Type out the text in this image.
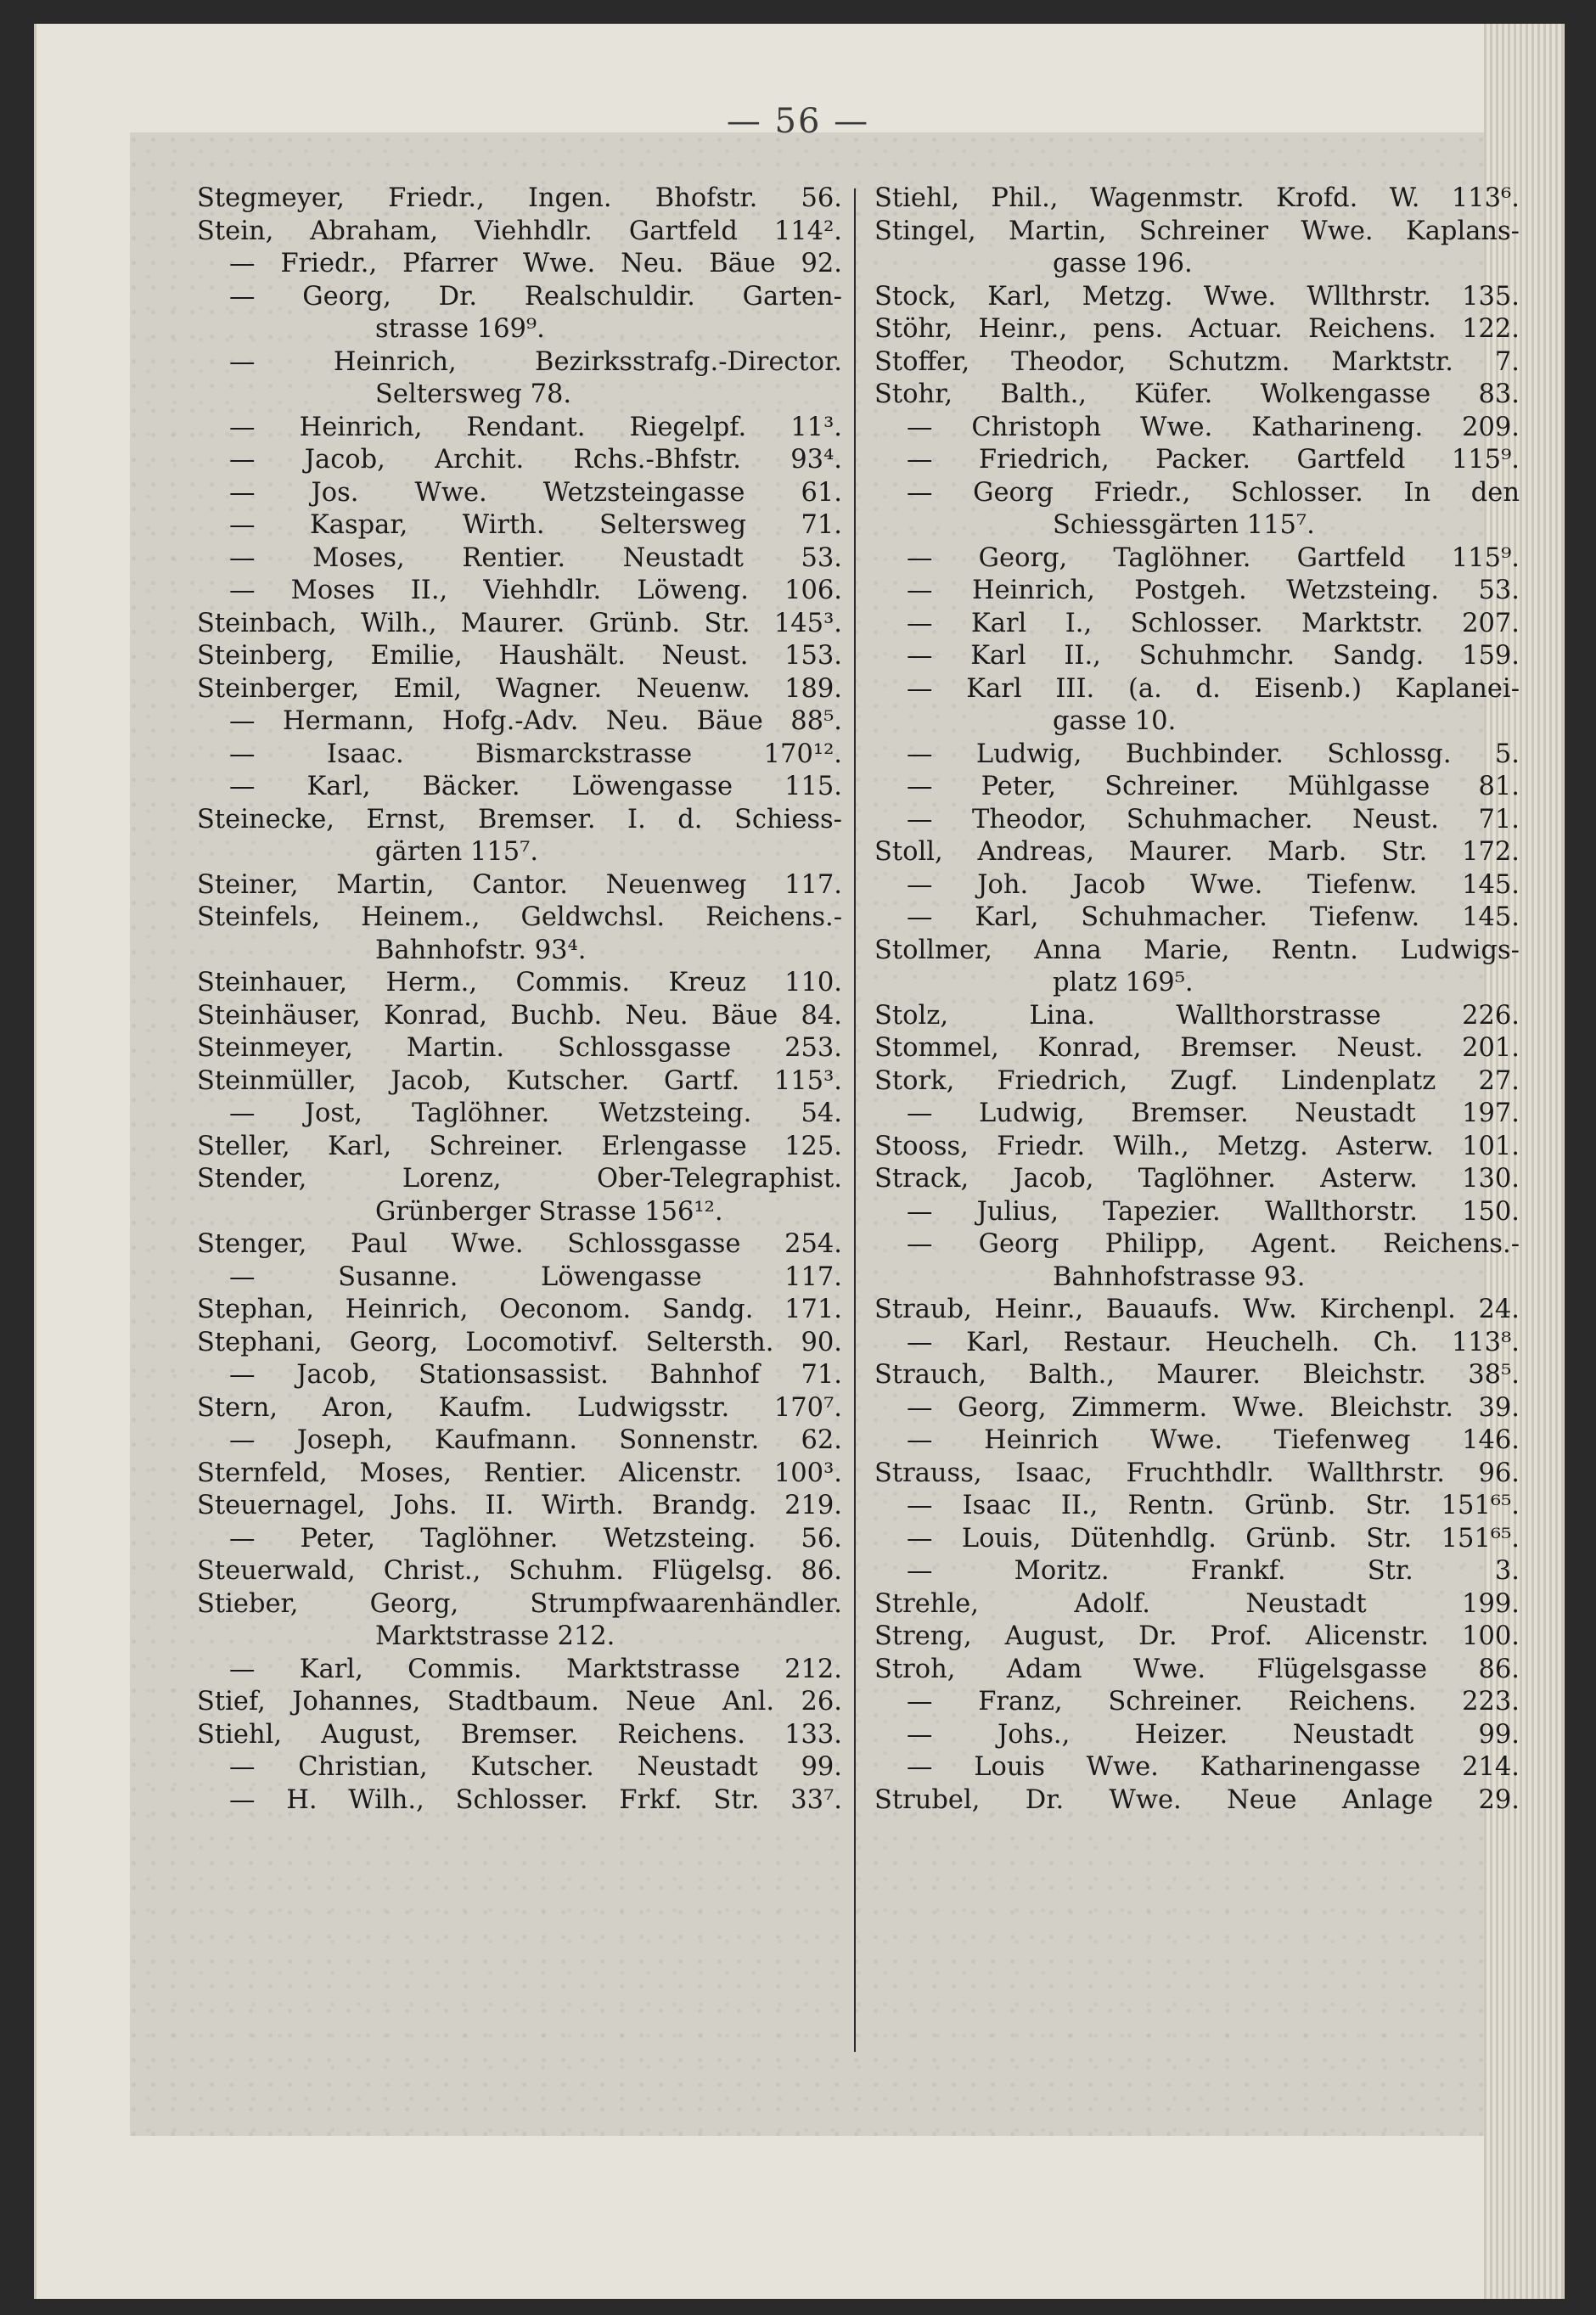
— 56 —
Stegmeyer, Friedr., Ingen. Bhofstr. 56.
Stein, Abraham, Viehhdlr. Gartfeld 114².
— Friedr., Pfarrer Wwe. Neu. Bäue 92.
— Georg, Dr. Realschuldir. Garten-
strasse 169⁹.
— Heinrich, Bezirksstrafg.-Director.
Seltersweg 78.
— Heinrich, Rendant. Riegelpf. 11³.
— Jacob, Archit. Rchs.-Bhfstr. 93⁴.
— Jos. Wwe. Wetzsteingasse 61.
— Kaspar, Wirth. Seltersweg 71.
— Moses, Rentier. Neustadt 53.
— Moses II., Viehhdlr. Löweng. 106.
Steinbach, Wilh., Maurer. Grünb. Str. 145³.
Steinberg, Emilie, Haushält. Neust. 153.
Steinberger, Emil, Wagner. Neuenw. 189.
— Hermann, Hofg.-Adv. Neu. Bäue 88⁵.
— Isaac. Bismarckstrasse 170¹².
— Karl, Bäcker. Löwengasse 115.
Steinecke, Ernst, Bremser. I. d. Schiess-
gärten 115⁷.
Steiner, Martin, Cantor. Neuenweg 117.
Steinfels, Heinem., Geldwchsl. Reichens.-
Bahnhofstr. 93⁴.
Steinhauer, Herm., Commis. Kreuz 110.
Steinhäuser, Konrad, Buchb. Neu. Bäue 84.
Steinmeyer, Martin. Schlossgasse 253.
Steinmüller, Jacob, Kutscher. Gartf. 115³.
— Jost, Taglöhner. Wetzsteing. 54.
Steller, Karl, Schreiner. Erlengasse 125.
Stender, Lorenz, Ober-Telegraphist.
Grünberger Strasse 156¹².
Stenger, Paul Wwe. Schlossgasse 254.
— Susanne. Löwengasse 117.
Stephan, Heinrich, Oeconom. Sandg. 171.
Stephani, Georg, Locomotivf. Seltersth. 90.
— Jacob, Stationsassist. Bahnhof 71.
Stern, Aron, Kaufm. Ludwigsstr. 170⁷.
— Joseph, Kaufmann. Sonnenstr. 62.
Sternfeld, Moses, Rentier. Alicenstr. 100³.
Steuernagel, Johs. II. Wirth. Brandg. 219.
— Peter, Taglöhner. Wetzsteing. 56.
Steuerwald, Christ., Schuhm. Flügelsg. 86.
Stieber, Georg, Strumpfwaarenhändler.
Marktstrasse 212.
— Karl, Commis. Marktstrasse 212.
Stief, Johannes, Stadtbaum. Neue Anl. 26.
Stiehl, August, Bremser. Reichens. 133.
— Christian, Kutscher. Neustadt 99.
— H. Wilh., Schlosser. Frkf. Str. 33⁷.
Stiehl, Phil., Wagenmstr. Krofd. W. 113⁶.
Stingel, Martin, Schreiner Wwe. Kaplans-
gasse 196.
Stock, Karl, Metzg. Wwe. Wllthrstr. 135.
Stöhr, Heinr., pens. Actuar. Reichens. 122.
Stoffer, Theodor, Schutzm. Marktstr. 7.
Stohr, Balth., Küfer. Wolkengasse 83.
— Christoph Wwe. Katharineng. 209.
— Friedrich, Packer. Gartfeld 115⁹.
— Georg Friedr., Schlosser. In den
Schiessgärten 115⁷.
— Georg, Taglöhner. Gartfeld 115⁹.
— Heinrich, Postgeh. Wetzsteing. 53.
— Karl I., Schlosser. Marktstr. 207.
— Karl II., Schuhmchr. Sandg. 159.
— Karl III. (a. d. Eisenb.) Kaplanei-
gasse 10.
— Ludwig, Buchbinder. Schlossg. 5.
— Peter, Schreiner. Mühlgasse 81.
— Theodor, Schuhmacher. Neust. 71.
Stoll, Andreas, Maurer. Marb. Str. 172.
— Joh. Jacob Wwe. Tiefenw. 145.
— Karl, Schuhmacher. Tiefenw. 145.
Stollmer, Anna Marie, Rentn. Ludwigs-
platz 169⁵.
Stolz, Lina. Wallthorstrasse 226.
Stommel, Konrad, Bremser. Neust. 201.
Stork, Friedrich, Zugf. Lindenplatz 27.
— Ludwig, Bremser. Neustadt 197.
Stooss, Friedr. Wilh., Metzg. Asterw. 101.
Strack, Jacob, Taglöhner. Asterw. 130.
— Julius, Tapezier. Wallthorstr. 150.
— Georg Philipp, Agent. Reichens.-
Bahnhofstrasse 93.
Straub, Heinr., Bauaufs. Ww. Kirchenpl. 24.
— Karl, Restaur. Heuchelh. Ch. 113⁸.
Strauch, Balth., Maurer. Bleichstr. 38⁵.
— Georg, Zimmerm. Wwe. Bleichstr. 39.
— Heinrich Wwe. Tiefenweg 146.
Strauss, Isaac, Fruchthdlr. Wallthrstr. 96.
— Isaac II., Rentn. Grünb. Str. 151⁶⁵.
— Louis, Dütenhdlg. Grünb. Str. 151⁶⁵.
— Moritz. Frankf. Str. 3.
Strehle, Adolf. Neustadt 199.
Streng, August, Dr. Prof. Alicenstr. 100.
Stroh, Adam Wwe. Flügelsgasse 86.
— Franz, Schreiner. Reichens. 223.
— Johs., Heizer. Neustadt 99.
— Louis Wwe. Katharinengasse 214.
Strubel, Dr. Wwe. Neue Anlage 29.
